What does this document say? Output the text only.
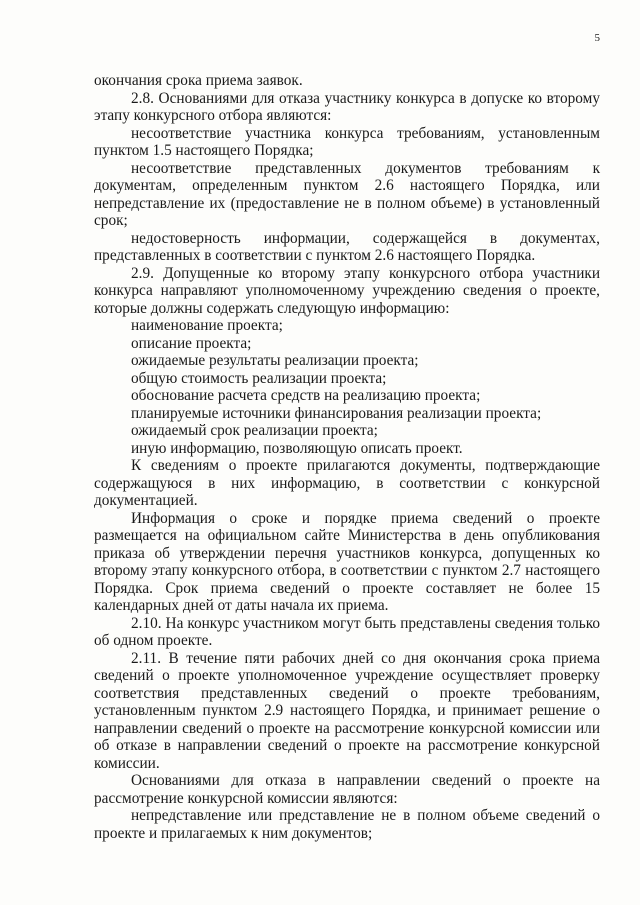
5

окончания срока приема заявок.

2.8. Основаниями для отказа участнику конкурса в допуске ко второму этапу конкурсного отбора являются:

несоответствие участника конкурса требованиям, установленным пунктом 1.5 настоящего Порядка;

несоответствие представленных документов требованиям к документам, определенным пунктом 2.6 настоящего Порядка, или непредставление их (предоставление не в полном объеме) в установленный срок;

недостоверность информации, содержащейся в документах, представленных в соответствии с пунктом 2.6 настоящего Порядка.

2.9. Допущенные ко второму этапу конкурсного отбора участники конкурса направляют уполномоченному учреждению сведения о проекте, которые должны содержать следующую информацию:

наименование проекта;

описание проекта;

ожидаемые результаты реализации проекта;

общую стоимость реализации проекта;

обоснование расчета средств на реализацию проекта;

планируемые источники финансирования реализации проекта;

ожидаемый срок реализации проекта;

иную информацию, позволяющую описать проект.

К сведениям о проекте прилагаются документы, подтверждающие содержащуюся в них информацию, в соответствии с конкурсной документацией.

Информация о сроке и порядке приема сведений о проекте размещается на официальном сайте Министерства в день опубликования приказа об утверждении перечня участников конкурса, допущенных ко второму этапу конкурсного отбора, в соответствии с пунктом 2.7 настоящего Порядка. Срок приема сведений о проекте составляет не более 15 календарных дней от даты начала их приема.

2.10. На конкурс участником могут быть представлены сведения только об одном проекте.

2.11. В течение пяти рабочих дней со дня окончания срока приема сведений о проекте уполномоченное учреждение осуществляет проверку соответствия представленных сведений о проекте требованиям, установленным пунктом 2.9 настоящего Порядка, и принимает решение о направлении сведений о проекте на рассмотрение конкурсной комиссии или об отказе в направлении сведений о проекте на рассмотрение конкурсной комиссии.

Основаниями для отказа в направлении сведений о проекте на рассмотрение конкурсной комиссии являются:

непредставление или представление не в полном объеме сведений о проекте и прилагаемых к ним документов;
